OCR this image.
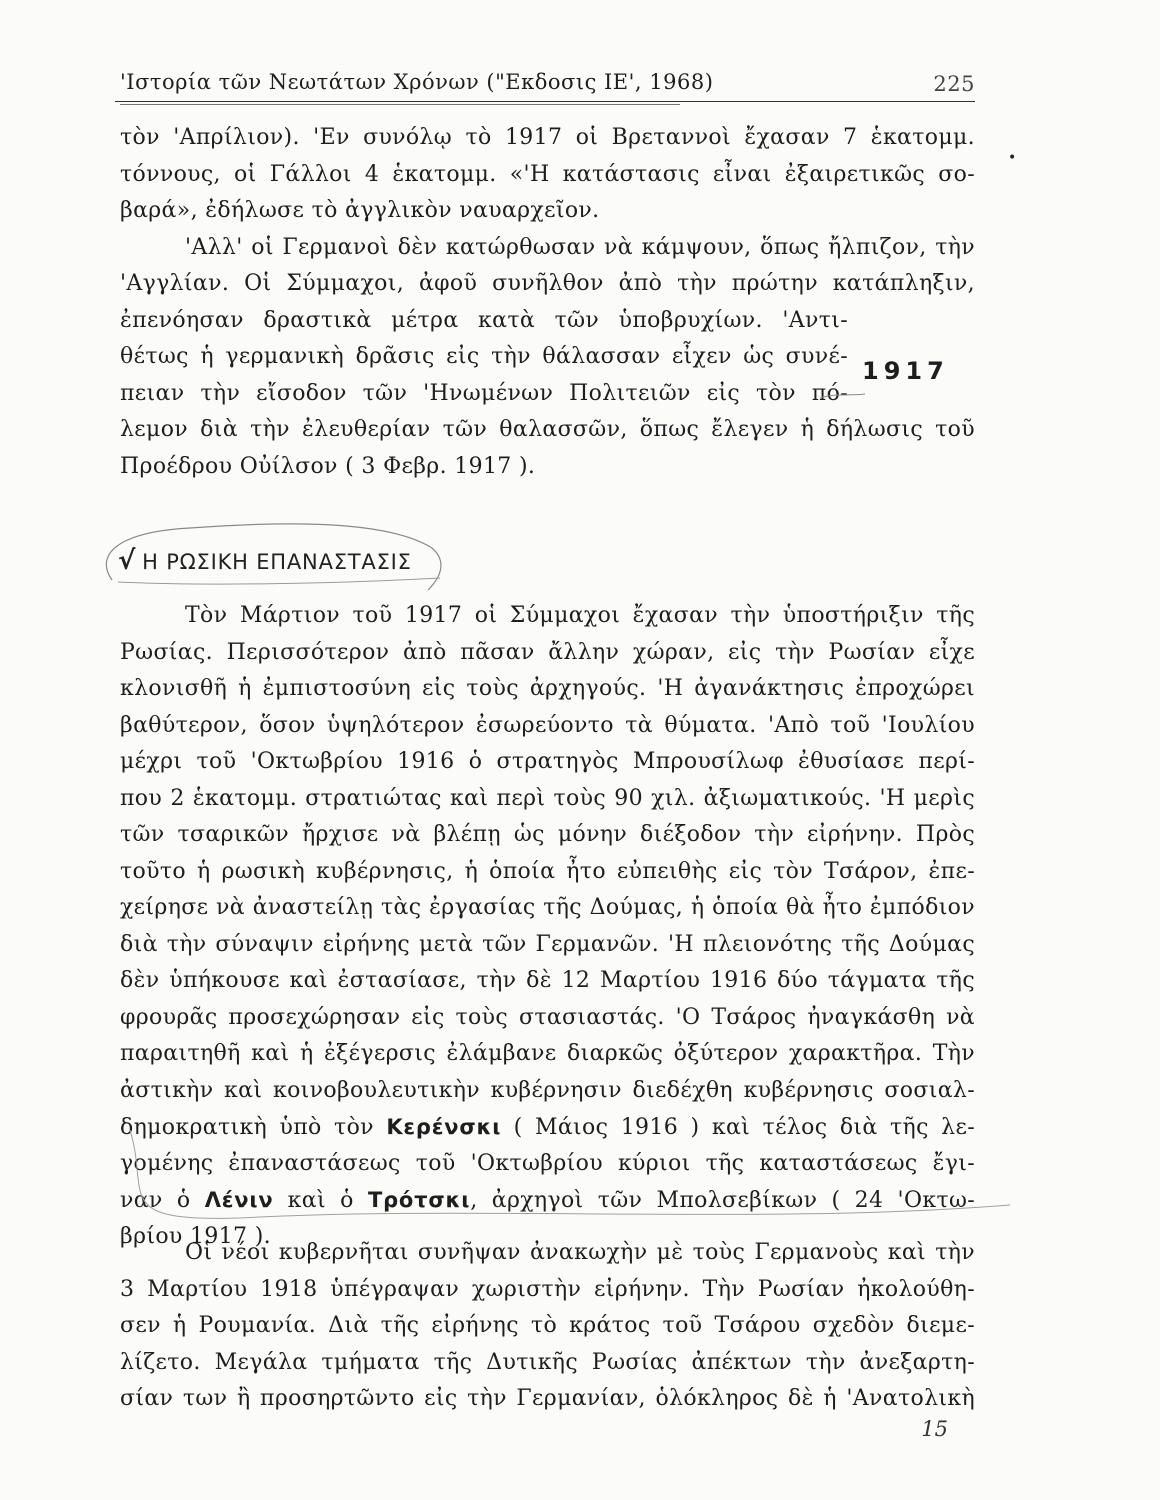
'Ιστορία τῶν Νεωτάτων Χρόνων ("Εκδοσις ΙΕ', 1968)	225
•
τὸν 'Απρίλιον). 'Εν συνόλῳ τὸ 1917 οἱ Βρεταννοὶ ἔχασαν 7 ἑκατομμ.
τόννους, οἱ Γάλλοι 4 ἑκατομμ. «'Η κατάστασις εἶναι ἐξαιρετικῶς σο-
βαρά», ἐδήλωσε τὸ ἀγγλικὸν ναυαρχεῖον.
'Αλλ' οἱ Γερμανοὶ δὲν κατώρθωσαν νὰ κάμψουν, ὅπως ἤλπιζον, τὴν
'Αγγλίαν. Οἱ Σύμμαχοι, ἀφοῦ συνῆλθον ἀπὸ τὴν πρώτην κατάπληξιν,
ἐπενόησαν δραστικὰ μέτρα κατὰ τῶν ὑποβρυχίων. 'Αντι-
θέτως ἡ γερμανικὴ δρᾶσις εἰς τὴν θάλασσαν εἶχεν ὡς συνέ-
πειαν τὴν εἴσοδον τῶν 'Ηνωμένων Πολιτειῶν εἰς τὸν πό-
λεμον διὰ τὴν ἐλευθερίαν τῶν θαλασσῶν, ὅπως ἔλεγεν ἡ δήλωσις τοῦ
Προέδρου Οὐίλσον ( 3 Φεβρ. 1917 ).
1917
√ Η ΡΩΣΙΚΗ ΕΠΑΝΑΣΤΑΣΙΣ
Τὸν Μάρτιον τοῦ 1917 οἱ Σύμμαχοι ἔχασαν τὴν ὑποστήριξιν τῆς
Ρωσίας. Περισσότερον ἀπὸ πᾶσαν ἄλλην χώραν, εἰς τὴν Ρωσίαν εἶχε
κλονισθῆ ἡ ἐμπιστοσύνη εἰς τοὺς ἀρχηγούς. 'Η ἀγανάκτησις ἐπροχώρει
βαθύτερον, ὅσον ὑψηλότερον ἐσωρεύοντο τὰ θύματα. 'Απὸ τοῦ 'Ιουλίου
μέχρι τοῦ 'Οκτωβρίου 1916 ὁ στρατηγὸς Μπρουσίλωφ ἐθυσίασε περί-
που 2 ἑκατομμ. στρατιώτας καὶ περὶ τοὺς 90 χιλ. ἀξιωματικούς. 'Η μερὶς
τῶν τσαρικῶν ἤρχισε νὰ βλέπῃ ὡς μόνην διέξοδον τὴν εἰρήνην. Πρὸς
τοῦτο ἡ ρωσικὴ κυβέρνησις, ἡ ὁποία ἦτο εὐπειθὴς εἰς τὸν Τσάρον, ἐπε-
χείρησε νὰ ἀναστείλῃ τὰς ἐργασίας τῆς Δούμας, ἡ ὁποία θὰ ἦτο ἐμπόδιον
διὰ τὴν σύναψιν εἰρήνης μετὰ τῶν Γερμανῶν. 'Η πλειονότης τῆς Δούμας
δὲν ὑπήκουσε καὶ ἐστασίασε, τὴν δὲ 12 Μαρτίου 1916 δύο τάγματα τῆς
φρουρᾶς προσεχώρησαν εἰς τοὺς στασιαστάς. 'Ο Τσάρος ἠναγκάσθη νὰ
παραιτηθῆ καὶ ἡ ἐξέγερσις ἐλάμβανε διαρκῶς ὀξύτερον χαρακτῆρα. Τὴν
ἀστικὴν καὶ κοινοβουλευτικὴν κυβέρνησιν διεδέχθη κυβέρνησις σοσιαλ-
δημοκρατικὴ ὑπὸ τὸν Κερένσκι ( Μάιος 1916 ) καὶ τέλος διὰ τῆς λε-
γομένης ἐπαναστάσεως τοῦ 'Οκτωβρίου κύριοι τῆς καταστάσεως ἔγι-
ναν ὁ Λένιν καὶ ὁ Τρότσκι, ἀρχηγοὶ τῶν Μπολσεβίκων ( 24 'Οκτω-
βρίου 1917 ).
Οἱ νέοι κυβερνῆται συνῆψαν ἀνακωχὴν μὲ τοὺς Γερμανοὺς καὶ τὴν
3 Μαρτίου 1918 ὑπέγραψαν χωριστὴν εἰρήνην. Τὴν Ρωσίαν ἠκολούθη-
σεν ἡ Ρουμανία. Διὰ τῆς εἰρήνης τὸ κράτος τοῦ Τσάρου σχεδὸν διεμε-
λίζετο. Μεγάλα τμήματα τῆς Δυτικῆς Ρωσίας ἀπέκτων τὴν ἀνεξαρτη-
σίαν των ἢ προσηρτῶντο εἰς τὴν Γερμανίαν, ὁλόκληρος δὲ ἡ 'Ανατολικὴ
15
